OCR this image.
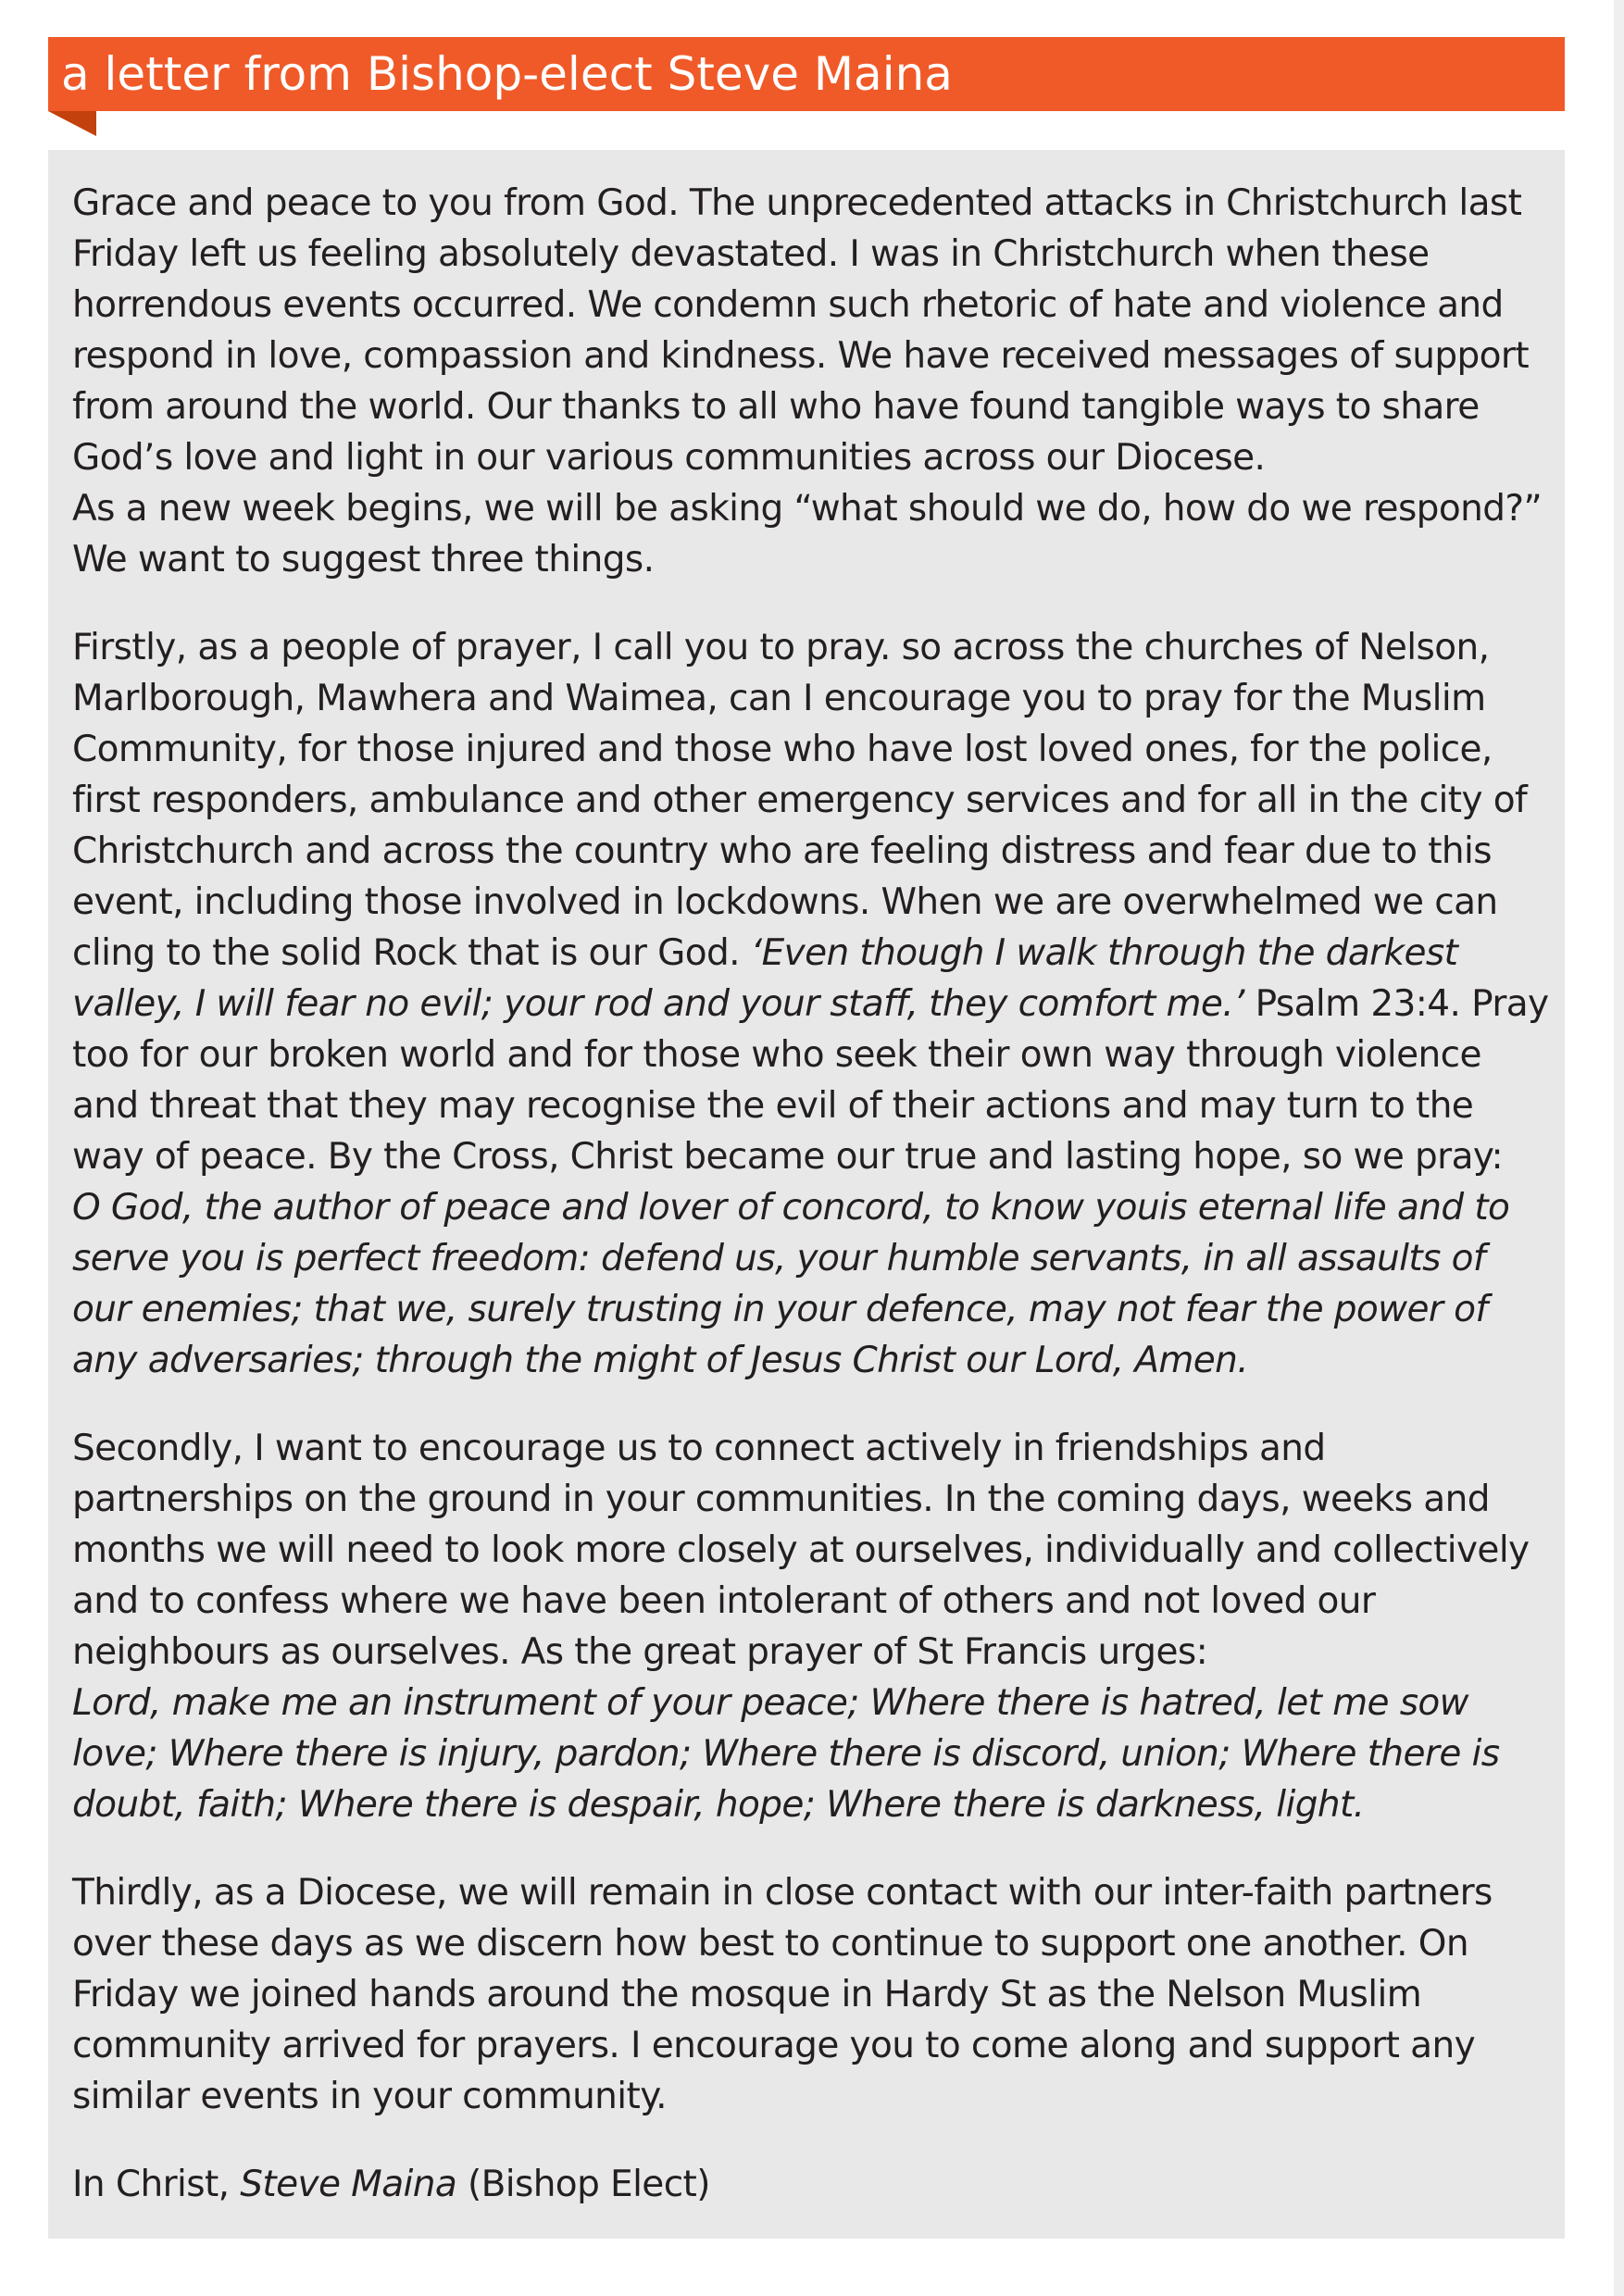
a letter from Bishop-elect Steve Maina

Grace and peace to you from God. The unprecedented attacks in Christchurch last Friday left us feeling absolutely devastated. I was in Christchurch when these horrendous events occurred. We condemn such rhetoric of hate and violence and respond in love, compassion and kindness. We have received messages of support from around the world. Our thanks to all who have found tangible ways to share God’s love and light in our various communities across our Diocese.
As a new week begins, we will be asking “what should we do, how do we respond?” We want to suggest three things.

Firstly, as a people of prayer, I call you to pray. so across the churches of Nelson, Marlborough, Mawhera and Waimea, can I encourage you to pray for the Muslim Community, for those injured and those who have lost loved ones, for the police, first responders, ambulance and other emergency services and for all in the city of Christchurch and across the country who are feeling distress and fear due to this event, including those involved in lockdowns. When we are overwhelmed we can cling to the solid Rock that is our God. ‘Even though I walk through the darkest valley, I will fear no evil; your rod and your staff, they comfort me.’ Psalm 23:4. Pray too for our broken world and for those who seek their own way through violence and threat that they may recognise the evil of their actions and may turn to the way of peace. By the Cross, Christ became our true and lasting hope, so we pray:
O God, the author of peace and lover of concord, to know youis eternal life and to serve you is perfect freedom: defend us, your humble servants, in all assaults of our enemies; that we, surely trusting in your defence, may not fear the power of any adversaries; through the might of Jesus Christ our Lord, Amen.

Secondly, I want to encourage us to connect actively in friendships and partnerships on the ground in your communities. In the coming days, weeks and months we will need to look more closely at ourselves, individually and collectively and to confess where we have been intolerant of others and not loved our neighbours as ourselves. As the great prayer of St Francis urges:
Lord, make me an instrument of your peace; Where there is hatred, let me sow love; Where there is injury, pardon; Where there is discord, union; Where there is doubt, faith; Where there is despair, hope; Where there is darkness, light.

Thirdly, as a Diocese, we will remain in close contact with our inter-faith partners over these days as we discern how best to continue to support one another. On Friday we joined hands around the mosque in Hardy St as the Nelson Muslim community arrived for prayers. I encourage you to come along and support any similar events in your community.

In Christ, Steve Maina (Bishop Elect)
